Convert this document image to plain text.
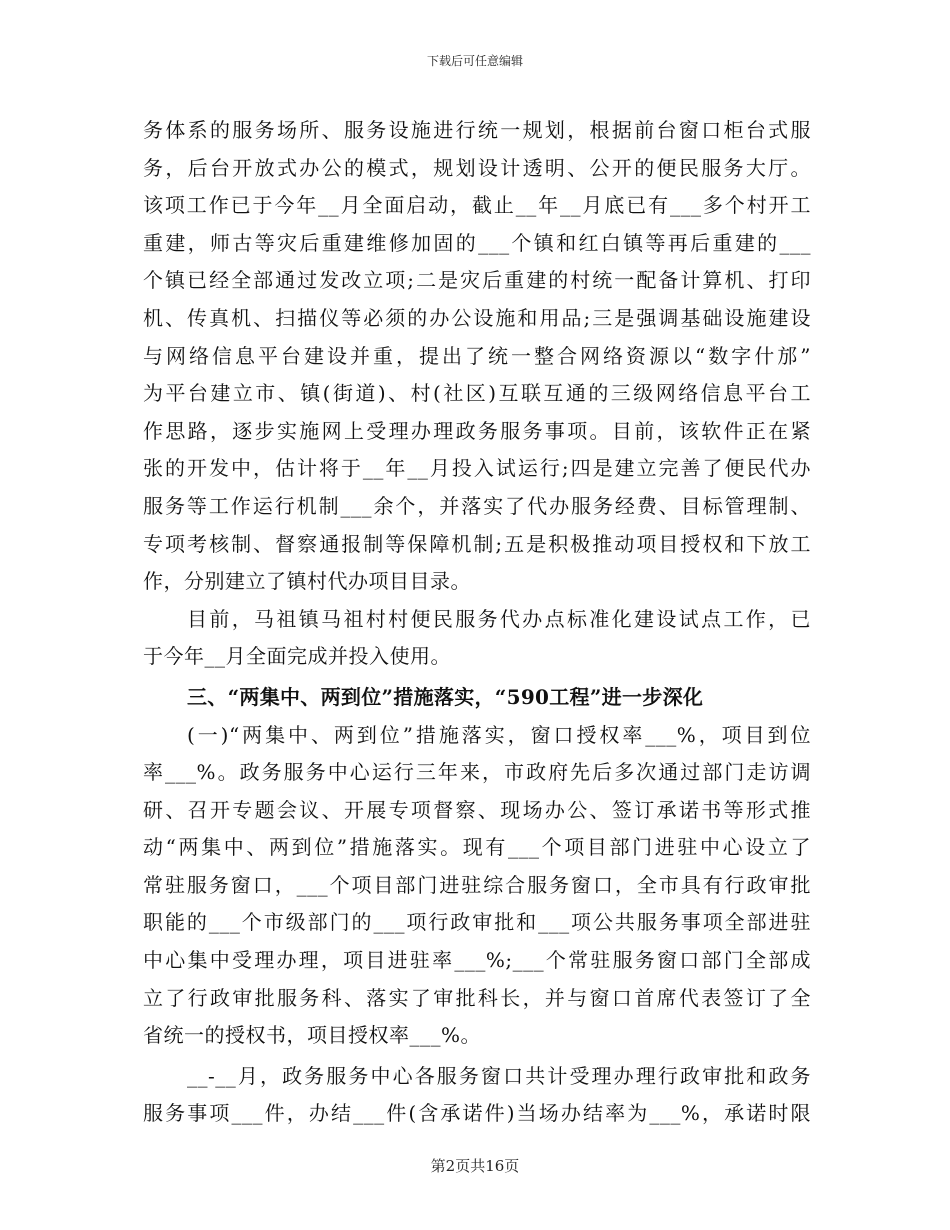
下载后可任意编辑
务体系的服务场所、服务设施进行统一规划，根据前台窗口柜台式服
务，后台开放式办公的模式，规划设计透明、公开的便民服务大厅。
该项工作已于今年__月全面启动，截止__年__月底已有___多个村开工
重建，师古等灾后重建维修加固的___个镇和红白镇等再后重建的___
个镇已经全部通过发改立项;二是灾后重建的村统一配备计算机、打印
机、传真机、扫描仪等必须的办公设施和用品;三是强调基础设施建设
与网络信息平台建设并重，提出了统一整合网络资源以“数字什邡”
为平台建立市、镇(街道)、村(社区)互联互通的三级网络信息平台工
作思路，逐步实施网上受理办理政务服务事项。目前，该软件正在紧
张的开发中，估计将于__年__月投入试运行;四是建立完善了便民代办
服务等工作运行机制___余个，并落实了代办服务经费、目标管理制、
专项考核制、督察通报制等保障机制;五是积极推动项目授权和下放工
作，分别建立了镇村代办项目目录。
目前，马祖镇马祖村村便民服务代办点标准化建设试点工作，已
于今年__月全面完成并投入使用。
三、“两集中、两到位”措施落实，“590工程”进一步深化
(一)“两集中、两到位”措施落实，窗口授权率___%，项目到位
率___%。政务服务中心运行三年来，市政府先后多次通过部门走访调
研、召开专题会议、开展专项督察、现场办公、签订承诺书等形式推
动“两集中、两到位”措施落实。现有___个项目部门进驻中心设立了
常驻服务窗口，___个项目部门进驻综合服务窗口，全市具有行政审批
职能的___个市级部门的___项行政审批和___项公共服务事项全部进驻
中心集中受理办理，项目进驻率___%;___个常驻服务窗口部门全部成
立了行政审批服务科、落实了审批科长，并与窗口首席代表签订了全
省统一的授权书，项目授权率___%。
__-__月，政务服务中心各服务窗口共计受理办理行政审批和政务
服务事项___件，办结___件(含承诺件)当场办结率为___%，承诺时限
第2页共16页
